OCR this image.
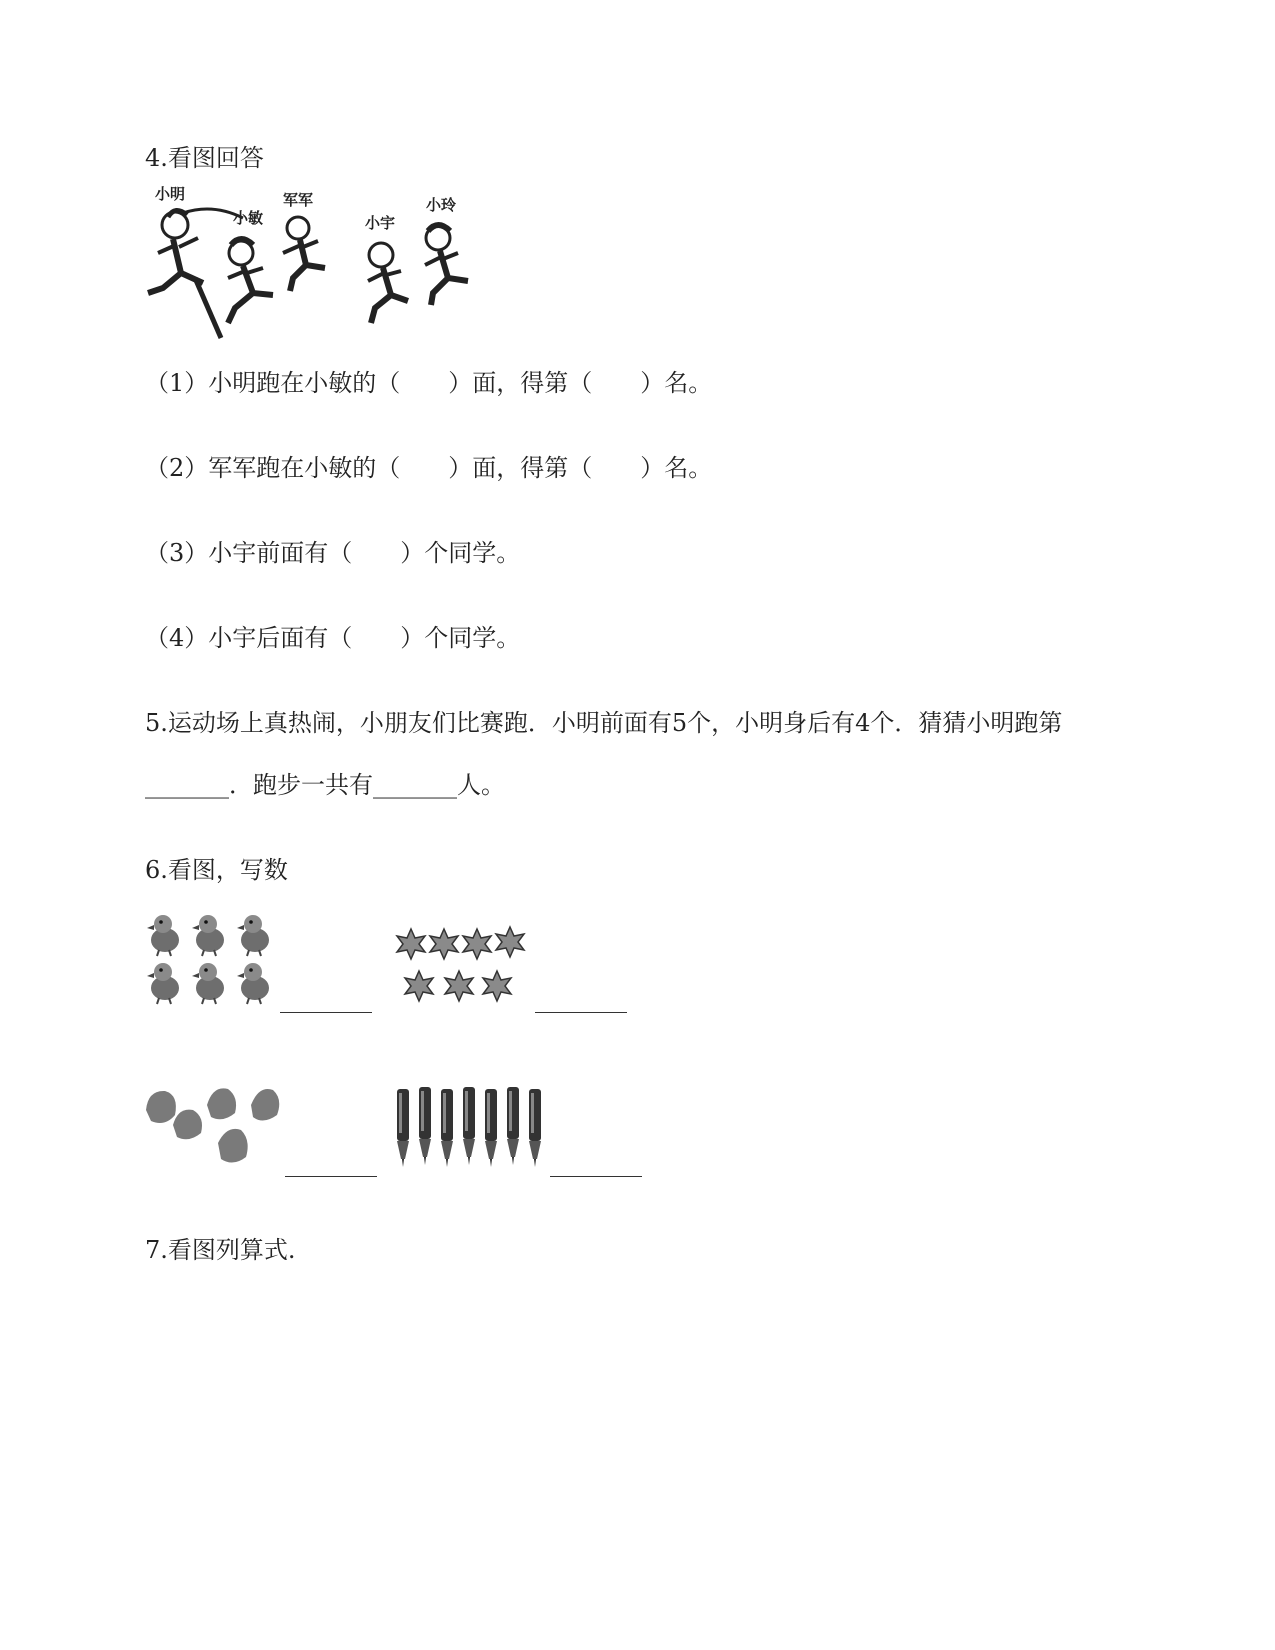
4.看图回答
小明
小敏
军军
小宇
小玲
（1）小明跑在小敏的（　　）面，得第（　　）名。
（2）军军跑在小敏的（　　）面，得第（　　）名。
（3）小宇前面有（　　）个同学。
（4）小宇后面有（　　）个同学。
5.运动场上真热闹，小朋友们比赛跑．小明前面有5个，小明身后有4个．猜猜小明跑第
_______．跑步一共有_______人。
6.看图，写数
7.看图列算式.
